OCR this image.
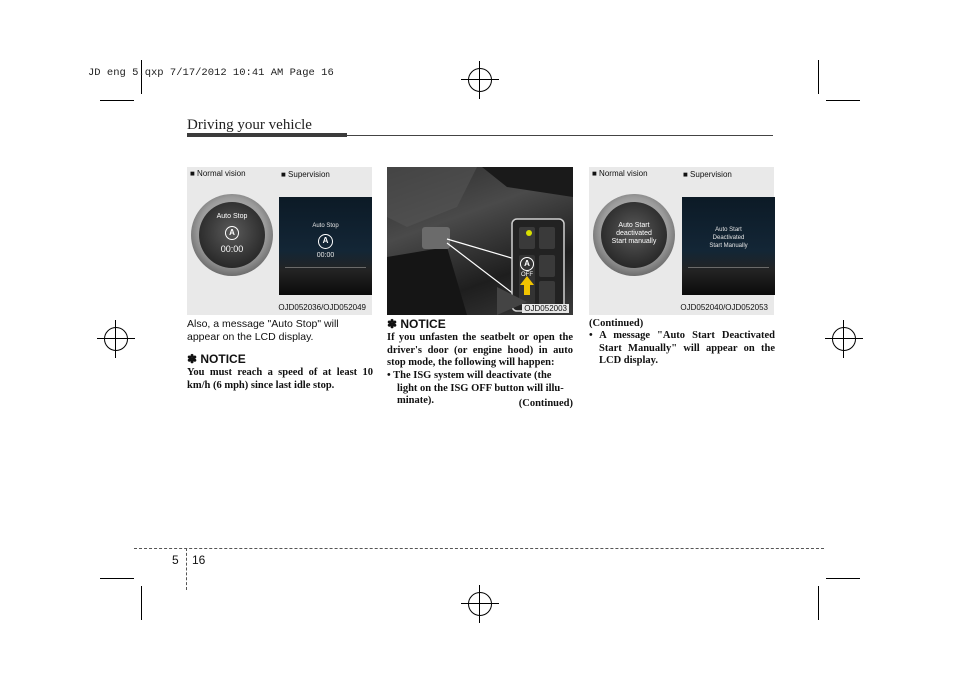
JD eng 5.qxp 7/17/2012 10:41 AM Page 16
Driving your vehicle
■ Normal vision	■ Supervision
Auto Stop
A
00:00
Auto Stop
A
00:00
OJD052036/OJD052049
A
OFF
OJD052003
■ Normal vision	■ Supervision
Auto Start
deactivated
Start manually
Auto Start
Deactivated
Start Manually
OJD052040/OJD052053
Also, a message "Auto Stop" will appear on the LCD display.
✽ NOTICE
You must reach a speed of at least 10 km/h (6 mph) since last idle stop.
✽ NOTICE
If you unfasten the seatbelt or open the driver's door (or engine hood) in auto stop mode, the following will happen:
• The ISG system will deactivate (the light on the ISG OFF button will illu-minate).	(Continued)
(Continued)
• A message "Auto Start Deactivated Start Manually" will appear on the LCD display.
5 16
